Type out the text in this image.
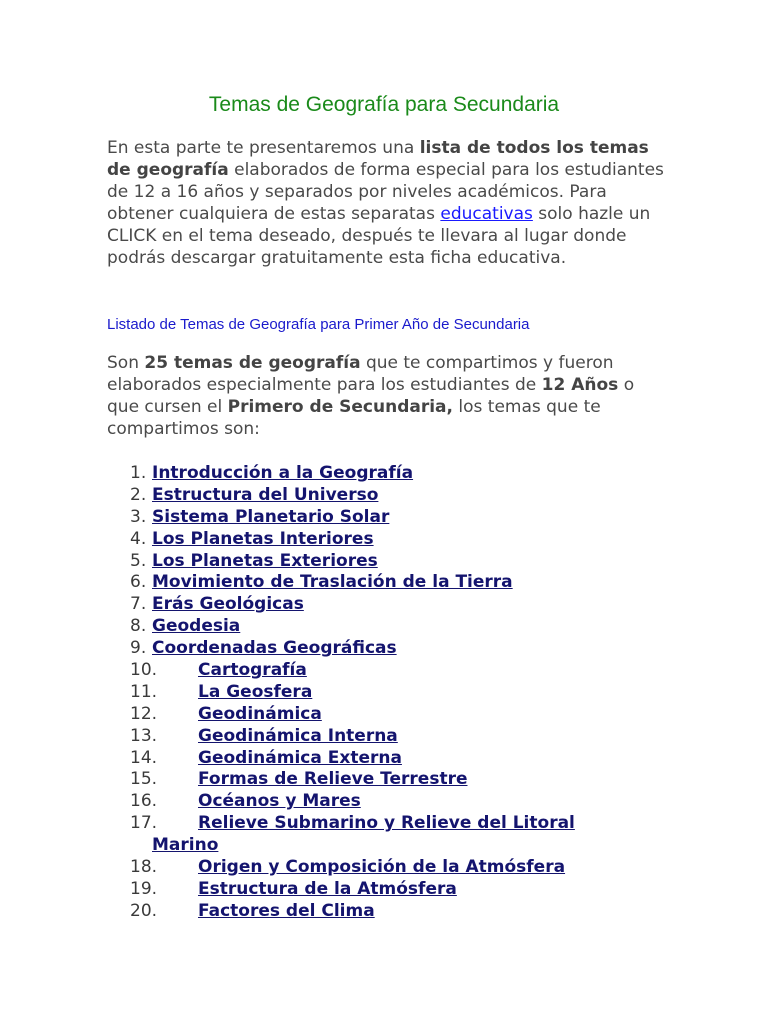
Temas de Geografía para Secundaria

En esta parte te presentaremos una lista de todos los temas de geografía elaborados de forma especial para los estudiantes de 12 a 16 años y separados por niveles académicos. Para obtener cualquiera de estas separatas educativas solo hazle un CLICK en el tema deseado, después te llevara al lugar donde podrás descargar gratuitamente esta ficha educativa.

Listado de Temas de Geografía para Primer Año de Secundaria

Son 25 temas de geografía que te compartimos y fueron elaborados especialmente para los estudiantes de 12 Años o que cursen el Primero de Secundaria, los temas que te compartimos son:

1. Introducción a la Geografía
2. Estructura del Universo
3. Sistema Planetario Solar
4. Los Planetas Interiores
5. Los Planetas Exteriores
6. Movimiento de Traslación de la Tierra
7. Erás Geológicas
8. Geodesia
9. Coordenadas Geográficas
10. Cartografía
11. La Geosfera
12. Geodinámica
13. Geodinámica Interna
14. Geodinámica Externa
15. Formas de Relieve Terrestre
16. Océanos y Mares
17. Relieve Submarino y Relieve del Litoral
Marino
18. Origen y Composición de la Atmósfera
19. Estructura de la Atmósfera
20. Factores del Clima
